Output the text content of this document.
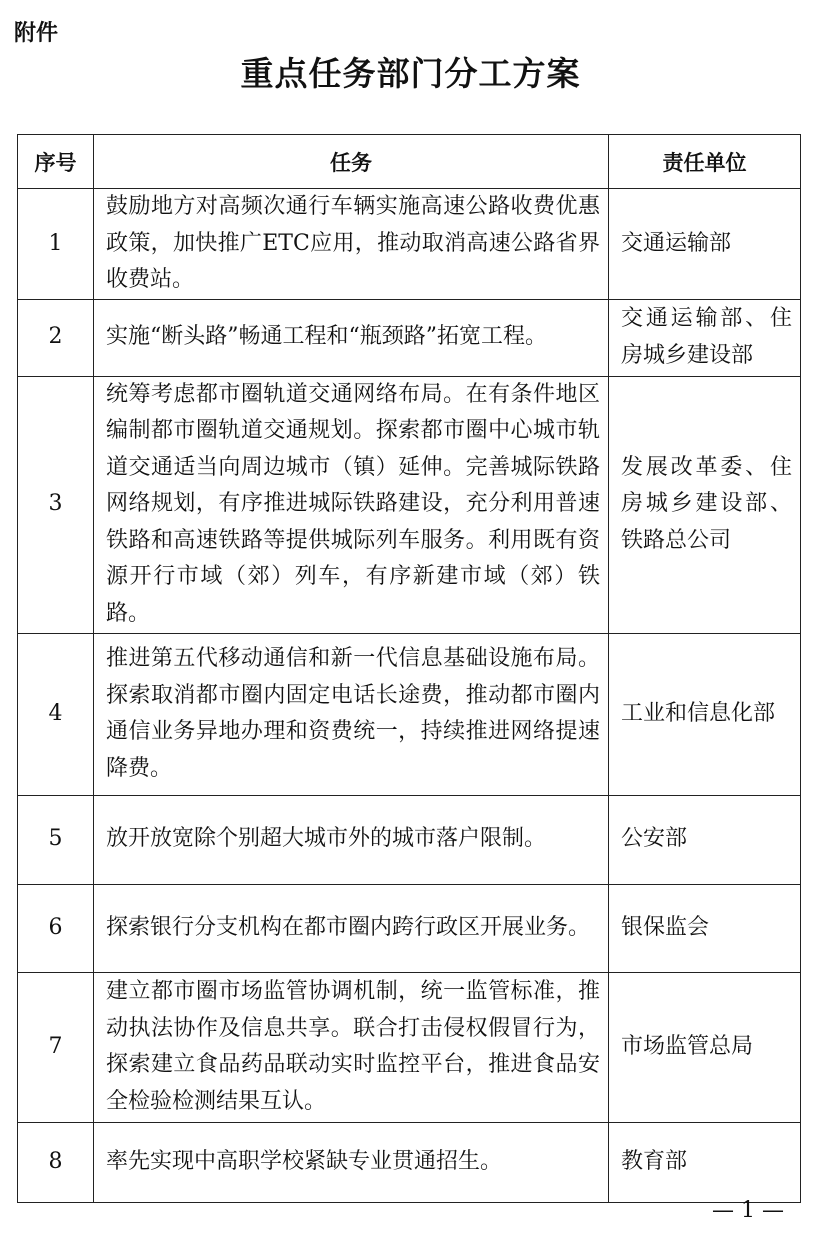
附件
重点任务部门分工方案
序号	任务	责任单位
1	鼓励地方对高频次通行车辆实施高速公路收费优惠政策，加快推广ETC应用，推动取消高速公路省界收费站。	交通运输部
2	实施“断头路”畅通工程和“瓶颈路”拓宽工程。	交通运输部、住房城乡建设部
3	统筹考虑都市圈轨道交通网络布局。在有条件地区编制都市圈轨道交通规划。探索都市圈中心城市轨道交通适当向周边城市（镇）延伸。完善城际铁路网络规划，有序推进城际铁路建设，充分利用普速铁路和高速铁路等提供城际列车服务。利用既有资源开行市域（郊）列车，有序新建市域（郊）铁路。	发展改革委、住房城乡建设部、铁路总公司
4	推进第五代移动通信和新一代信息基础设施布局。探索取消都市圈内固定电话长途费，推动都市圈内通信业务异地办理和资费统一，持续推进网络提速降费。	工业和信息化部
5	放开放宽除个别超大城市外的城市落户限制。	公安部
6	探索银行分支机构在都市圈内跨行政区开展业务。	银保监会
7	建立都市圈市场监管协调机制，统一监管标准，推动执法协作及信息共享。联合打击侵权假冒行为，探索建立食品药品联动实时监控平台，推进食品安全检验检测结果互认。	市场监管总局
8	率先实现中高职学校紧缺专业贯通招生。	教育部
— 1 —
